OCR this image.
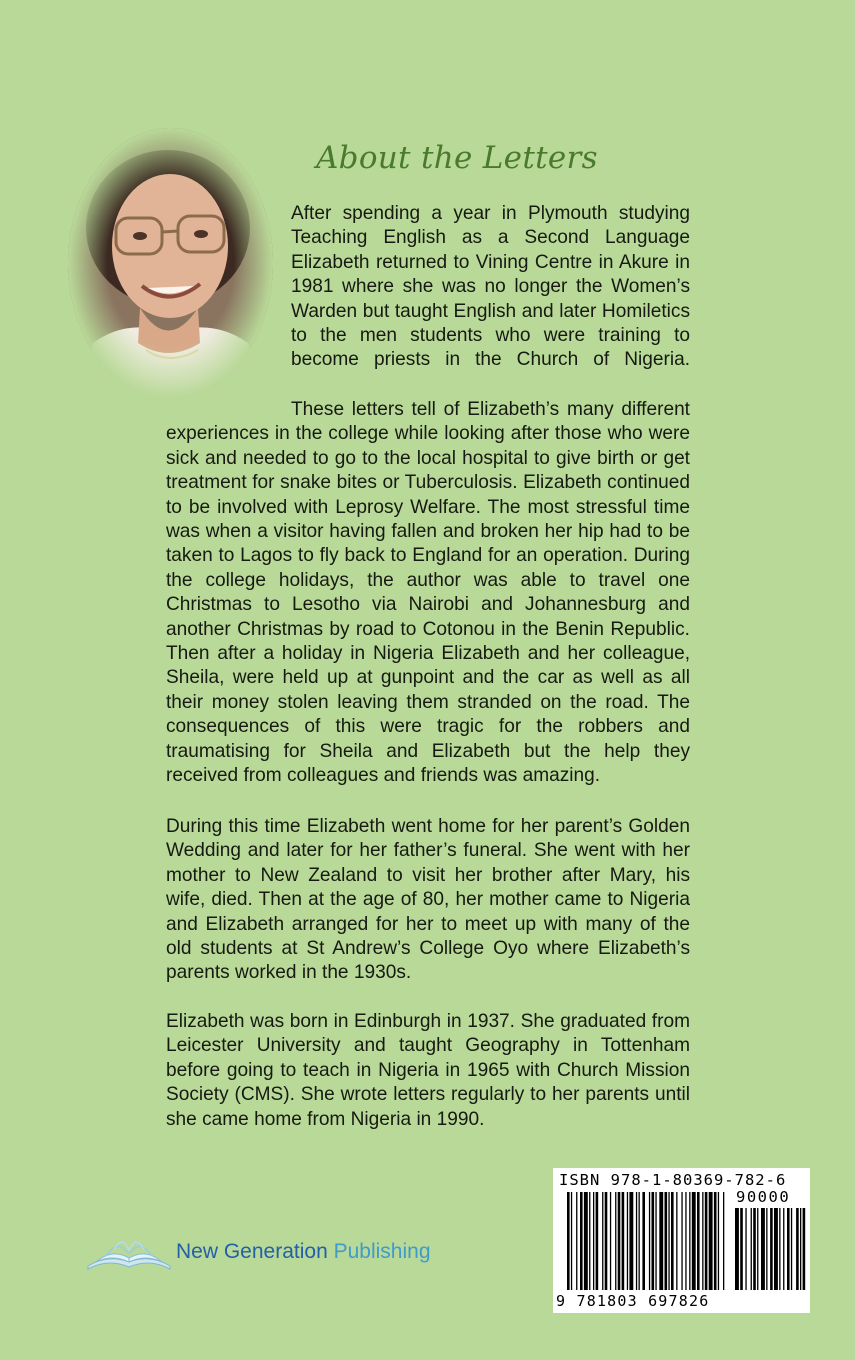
About the Letters

After spending a year in Plymouth studying Teaching English as a Second Language Elizabeth returned to Vining Centre in Akure in 1981 where she was no longer the Women’s Warden but taught English and later Homiletics to the men students who were training to become priests in the Church of Nigeria.

These letters tell of Elizabeth’s many different experiences in the college while looking after those who were sick and needed to go to the local hospital to give birth or get treatment for snake bites or Tuberculosis. Elizabeth continued to be involved with Leprosy Welfare. The most stressful time was when a visitor having fallen and broken her hip had to be taken to Lagos to fly back to England for an operation. During the college holidays, the author was able to travel one Christmas to Lesotho via Nairobi and Johannesburg and another Christmas by road to Cotonou in the Benin Republic. Then after a holiday in Nigeria Elizabeth and her colleague, Sheila, were held up at gunpoint and the car as well as all their money stolen leaving them stranded on the road. The consequences of this were tragic for the robbers and traumatising for Sheila and Elizabeth but the help they received from colleagues and friends was amazing.

During this time Elizabeth went home for her parent’s Golden Wedding and later for her father’s funeral. She went with her mother to New Zealand to visit her brother after Mary, his wife, died. Then at the age of 80, her mother came to Nigeria and Elizabeth arranged for her to meet up with many of the old students at St Andrew’s College Oyo where Elizabeth’s parents worked in the 1930s.

Elizabeth was born in Edinburgh in 1937. She graduated from Leicester University and taught Geography in Tottenham before going to teach in Nigeria in 1965 with Church Mission Society (CMS). She wrote letters regularly to her parents until she came home from Nigeria in 1990.

New Generation Publishing
ISBN 978-1-80369-782-6
90000
9 781803 697826
